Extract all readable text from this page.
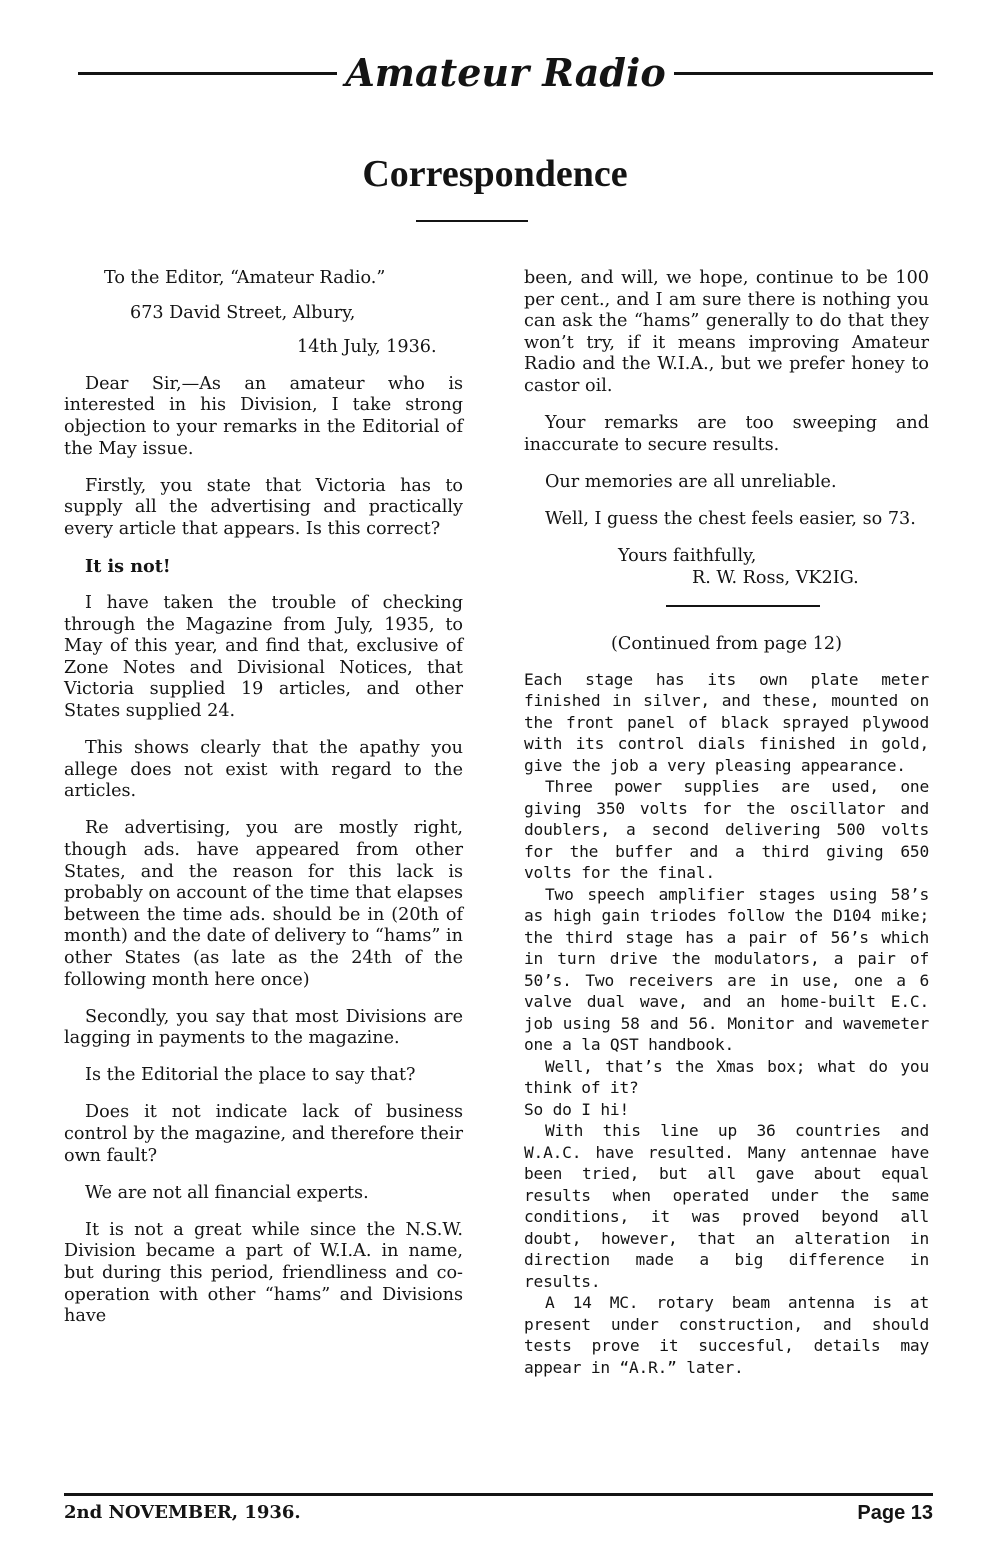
Amateur Radio
Correspondence

To the Editor, “Amateur Radio.”

673 David Street, Albury,

14th July, 1936.

Dear Sir,—As an amateur who is interested in his Division, I take strong objection to your remarks in the Editorial of the May issue.

Firstly, you state that Victoria has to supply all the advertising and practically every article that appears. Is this correct?

It is not!

I have taken the trouble of checking through the Magazine from July, 1935, to May of this year, and find that, exclusive of Zone Notes and Divisional Notices, that Victoria supplied 19 articles, and other States supplied 24.

This shows clearly that the apathy you allege does not exist with regard to the articles.

Re advertising, you are mostly right, though ads. have appeared from other States, and the reason for this lack is probably on account of the time that elapses between the time ads. should be in (20th of month) and the date of delivery to “hams” in other States (as late as the 24th of the following month here once)

Secondly, you say that most Divisions are lagging in payments to the magazine.

Is the Editorial the place to say that?

Does it not indicate lack of business control by the magazine, and therefore their own fault?

We are not all financial experts.

It is not a great while since the N.S.W. Division became a part of W.I.A. in name, but during this period, friendliness and co-operation with other “hams” and Divisions have

been, and will, we hope, continue to be 100 per cent., and I am sure there is nothing you can ask the “hams” generally to do that they won’t try, if it means improving Amateur Radio and the W.I.A., but we prefer honey to castor oil.

Your remarks are too sweeping and inaccurate to secure results.

Our memories are all unreliable.

Well, I guess the chest feels easier, so 73.

Yours faithfully,

R. W. Ross, VK2IG.

(Continued from page 12)

Each stage has its own plate meter finished in silver, and these, mounted on the front panel of black sprayed plywood with its control dials finished in gold, give the job a very pleasing appearance.

Three power supplies are used, one giving 350 volts for the oscillator and doublers, a second delivering 500 volts for the buffer and a third giving 650 volts for the final.

Two speech amplifier stages using 58’s as high gain triodes follow the D104 mike; the third stage has a pair of 56’s which in turn drive the modulators, a pair of 50’s. Two receivers are in use, one a 6 valve dual wave, and an home-built E.C. job using 58 and 56. Monitor and wavemeter one a la QST handbook.

Well, that’s the Xmas box; what do you think of it?

So do I hi!

With this line up 36 countries and W.A.C. have resulted. Many antennae have been tried, but all gave about equal results when operated under the same conditions, it was proved beyond all doubt, however, that an alteration in direction made a big difference in results.

A 14 MC. rotary beam antenna is at present under construction, and should tests prove it succesful, details may appear in “A.R.” later.

2nd NOVEMBER, 1936.	Page 13
